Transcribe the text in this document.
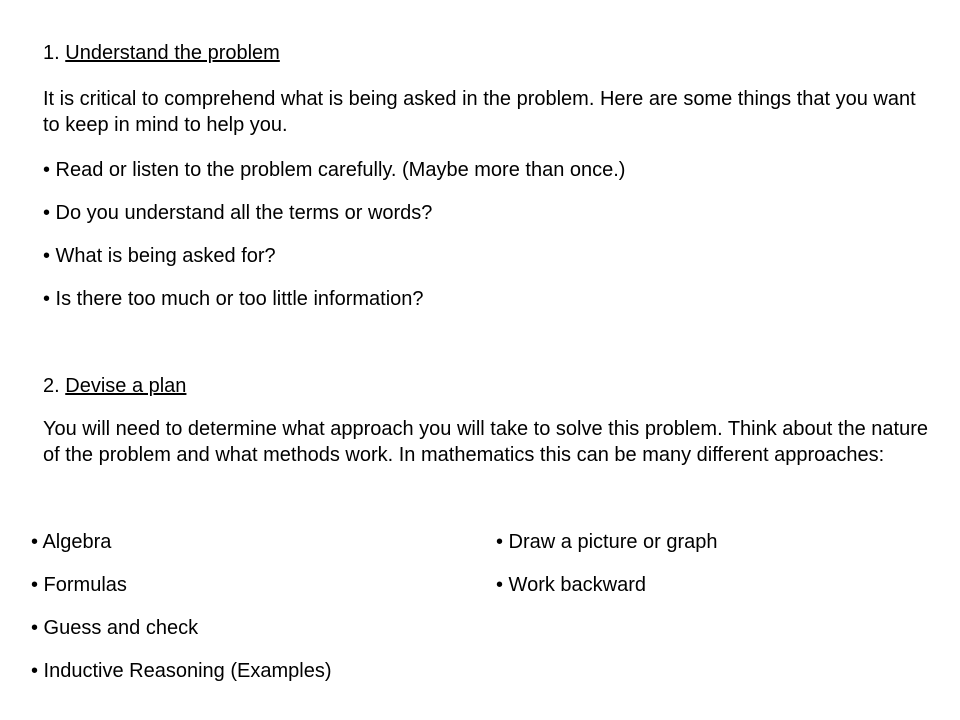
1. Understand the problem
It is critical to comprehend what is being asked in the problem. Here are some things that you want to keep in mind to help you.
• Read or listen to the problem carefully. (Maybe more than once.)
• Do you understand all the terms or words?
• What is being asked for?
• Is there too much or too little information?
2. Devise a plan
You will need to determine what approach you will take to solve this problem. Think about the nature of the problem and what methods work. In mathematics this can be many different approaches:
• Algebra
• Formulas
• Guess and check
• Inductive Reasoning (Examples)
• Draw a picture or graph
• Work backward
